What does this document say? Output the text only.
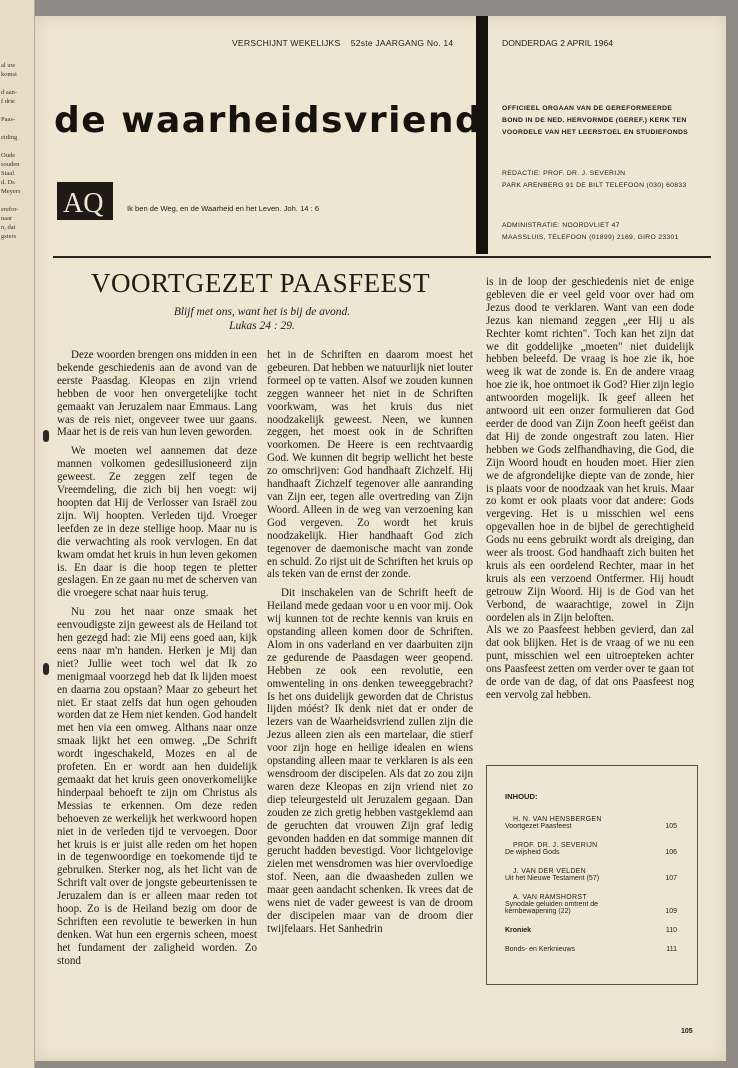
al uw
komst
d aan-
f drie
Paas-
eiding
Oude
souden
Staal
d. Ds
Meyers
erefor-
naar
n, dat
gsters
VERSCHIJNT WEKELIJKS 52ste JAARGANG No. 14	DONDERDAG 2 APRIL 1964
de waarheidsvriend	OFFICIEEL ORGAAN VAN DE GEREFORMEERDE
BOND IN DE NED. HERVORMDE (GEREF.) KERK TEN
VOORDELE VAN HET LEERSTOEL EN STUDIEFONDS
REDACTIE: PROF. DR. J. SEVERIJN
PARK ARENBERG 91 DE BILT TELEFOON (030) 60833
ADMINISTRATIE: NOORDVLIET 47
MAASSLUIS, TELEFOON (01899) 2169, GIRO 23301
AQ	Ik ben de Weg, en de Waarheid en het Leven. Joh. 14 : 6
VOORTGEZET PAASFEEST
Blijf met ons, want het is bij de avond.
Lukas 24 : 29.

Deze woorden brengen ons midden in een bekende geschiedenis aan de avond van de eerste Paasdag. Kleopas en zijn vriend hebben de voor hen onvergetelijke tocht gemaakt van Jeruzalem naar Emmaus. Lang was de reis niet, ongeveer twee uur gaans. Maar het is de reis van hun leven geworden.

We moeten wel aannemen dat deze mannen volkomen gedesillusioneerd zijn geweest. Ze zeggen zelf tegen de Vreemdeling, die zich bij hen voegt: wij hoopten dat Hij de Verlosser van Israël zou zijn. Wij hoopten. Verleden tijd. Vroeger leefden ze in deze stellige hoop. Maar nu is die verwachting als rook vervlogen. En dat kwam omdat het kruis in hun leven gekomen is. En daar is die hoop tegen te pletter geslagen. En ze gaan nu met de scherven van die vroegere schat naar huis terug.

Nu zou het naar onze smaak het eenvoudigste zijn geweest als de Heiland tot hen gezegd had: zie Mij eens goed aan, kijk eens naar m'n handen. Herken je Mij dan niet? Jullie weet toch wel dat Ik zo menigmaal voorzegd heb dat Ik lijden moest en daarna zou opstaan? Maar zo gebeurt het niet. Er staat zelfs dat hun ogen gehouden worden dat ze Hem niet kenden. God handelt met hen via een omweg. Althans naar onze smaak lijkt het een omweg. „De Schrift wordt ingeschakeld, Mozes en al de profeten. En er wordt aan hen duidelijk gemaakt dat het kruis geen onoverkomelijke hinderpaal behoeft te zijn om Christus als Messias te erkennen. Om deze reden behoeven ze werkelijk het werkwoord hopen niet in de verleden tijd te vervoegen. Door het kruis is er juist alle reden om het hopen in de tegenwoordige en toekomende tijd te gebruiken. Sterker nog, als het licht van de Schrift valt over de jongste gebeurtenissen te Jeruzalem dan is er alleen maar reden tot hoop. Zo is de Heiland bezig om door de Schriften een revolutie te bewerken in hun denken. Wat hun een ergernis scheen, moest het fundament der zaligheid worden. Zo stond

het in de Schriften en daarom moest het gebeuren. Dat hebben we natuurlijk niet louter formeel op te vatten. Alsof we zouden kunnen zeggen wanneer het niet in de Schriften voorkwam, was het kruis dus niet noodzakelijk geweest. Neen, we kunnen zeggen, het moest ook in de Schriften voorkomen. De Heere is een rechtvaardig God. We kunnen dit begrip wellicht het beste zo omschrijven: God handhaaft Zichzelf. Hij handhaaft Zichzelf tegenover alle aanranding van Zijn eer, tegen alle overtreding van Zijn Woord. Alleen in de weg van verzoening kan God vergeven. Zo wordt het kruis noodzakelijk. Hier handhaaft God zich tegenover de daemonische macht van zonde en schuld. Zo rijst uit de Schriften het kruis op als teken van de ernst der zonde.

Dit inschakelen van de Schrift heeft de Heiland mede gedaan voor u en voor mij. Ook wij kunnen tot de rechte kennis van kruis en opstanding alleen komen door de Schriften. Alom in ons vaderland en ver daarbuiten zijn ze gedurende de Paasdagen weer geopend. Hebben ze ook een revolutie, een omwenteling in ons denken teweeggebracht? Is het ons duidelijk geworden dat de Christus lijden móést? Ik denk niet dat er onder de lezers van de Waarheidsvriend zullen zijn die Jezus alleen zien als een martelaar, die stierf voor zijn hoge en heilige idealen en wiens opstanding alleen maar te verklaren is als een wensdroom der discipelen. Als dat zo zou zijn waren deze Kleopas en zijn vriend niet zo diep teleurgesteld uit Jeruzalem gegaan. Dan zouden ze zich gretig hebben vastgeklemd aan de geruchten dat vrouwen Zijn graf ledig gevonden hadden en dat sommige mannen dit gerucht hadden bevestigd. Voor lichtgelovige zielen met wensdromen was hier overvloedige stof. Neen, aan die dwaasheden zullen we maar geen aandacht schenken. Ik vrees dat de wens niet de vader geweest is van de droom der discipelen maar van de droom dier twijfelaars. Het Sanhedrin

is in de loop der geschiedenis niet de enige gebleven die er veel geld voor over had om Jezus dood te verklaren. Want van een dode Jezus kan niemand zeggen „eer Hij u als Rechter komt richten". Toch kan het zijn dat we dit goddelijke „moeten" niet duidelijk hebben beleefd. De vraag is hoe zie ik, hoe weeg ik wat de zonde is. En de andere vraag hoe zie ik, hoe ontmoet ik God? Hier zijn legio antwoorden mogelijk. Ik geef alleen het antwoord uit een onzer formulieren dat God eerder de dood van Zijn Zoon heeft geëist dan dat Hij de zonde ongestraft zou laten. Hier hebben we Gods zelfhandhaving, die God, die Zijn Woord houdt en houden moet. Hier zien we de afgrondelijke diepte van de zonde, hier is plaats voor de noodzaak van het kruis. Maar zo komt er ook plaats voor dat andere: Gods vergeving. Het is u misschien wel eens opgevallen hoe in de bijbel de gerechtigheid Gods nu eens gebruikt wordt als dreiging, dan weer als troost. God handhaaft zich buiten het kruis als een oordelend Rechter, maar in het kruis als een verzoend Ontfermer. Hij houdt getrouw Zijn Woord. Hij is de God van het Verbond, de waarachtige, zowel in Zijn oordelen als in Zijn beloften.

Als we zo Paasfeest hebben gevierd, dan zal dat ook blijken. Het is de vraag of we nu een punt, misschien wel een uitroepteken achter ons Paasfeest zetten om verder over te gaan tot de orde van de dag, of dat ons Paasfeest nog een vervolg zal hebben.

INHOUD:
H. N. VAN HENSBERGEN
Voortgezet Paasfeest	105
PROF. DR. J. SEVERIJN
De wijsheid Gods	106
J. VAN DER VELDEN
Uit het Nieuwe Testament (57)	107
A. VAN RAMSHORST
Synodale geluiden omtrent de
kernbewapening (22)	109
Kroniek	110
Bonds- en Kerknieuws	111
105
